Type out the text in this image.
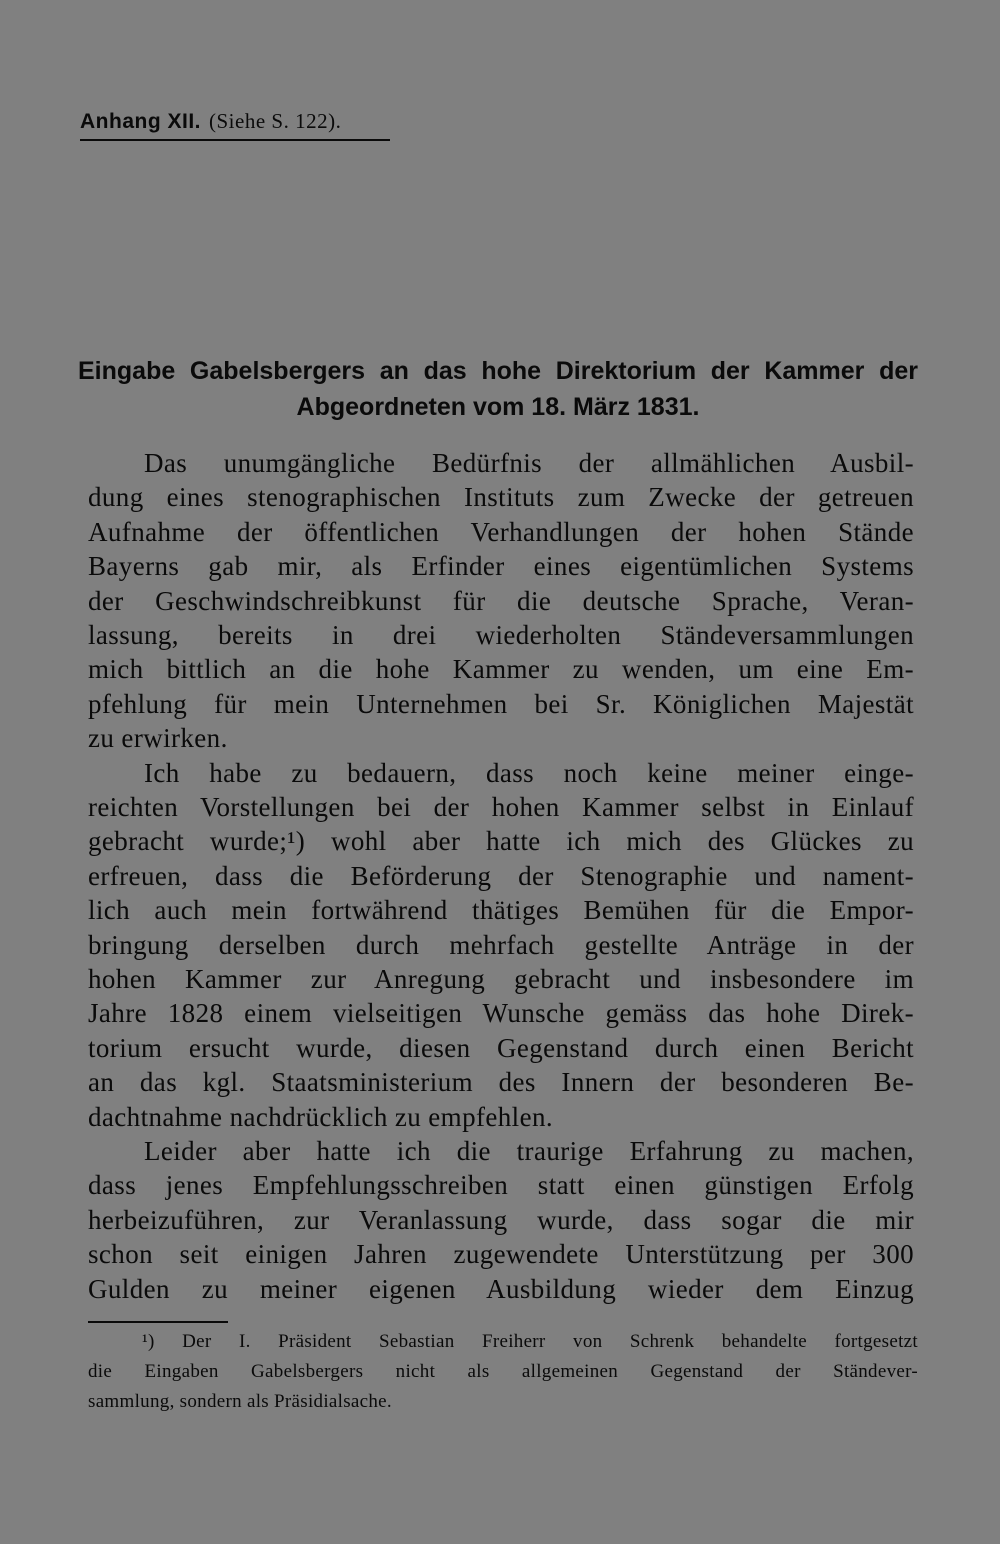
Anhang XII. (Siehe S. 122).
Eingabe Gabelsbergers an das hohe Direktorium der Kammer der
Abgeordneten vom 18. März 1831.
Das unumgängliche Bedürfnis der allmählichen Ausbil-
dung eines stenographischen Instituts zum Zwecke der getreuen
Aufnahme der öffentlichen Verhandlungen der hohen Stände
Bayerns gab mir, als Erfinder eines eigentümlichen Systems
der Geschwindschreibkunst für die deutsche Sprache, Veran-
lassung, bereits in drei wiederholten Ständeversammlungen
mich bittlich an die hohe Kammer zu wenden, um eine Em-
pfehlung für mein Unternehmen bei Sr. Königlichen Majestät
zu erwirken.
Ich habe zu bedauern, dass noch keine meiner einge-
reichten Vorstellungen bei der hohen Kammer selbst in Einlauf
gebracht wurde;¹) wohl aber hatte ich mich des Glückes zu
erfreuen, dass die Beförderung der Stenographie und nament-
lich auch mein fortwährend thätiges Bemühen für die Empor-
bringung derselben durch mehrfach gestellte Anträge in der
hohen Kammer zur Anregung gebracht und insbesondere im
Jahre 1828 einem vielseitigen Wunsche gemäss das hohe Direk-
torium ersucht wurde, diesen Gegenstand durch einen Bericht
an das kgl. Staatsministerium des Innern der besonderen Be-
dachtnahme nachdrücklich zu empfehlen.
Leider aber hatte ich die traurige Erfahrung zu machen,
dass jenes Empfehlungsschreiben statt einen günstigen Erfolg
herbeizuführen, zur Veranlassung wurde, dass sogar die mir
schon seit einigen Jahren zugewendete Unterstützung per 300
Gulden zu meiner eigenen Ausbildung wieder dem Einzug
¹) Der I. Präsident Sebastian Freiherr von Schrenk behandelte fortgesetzt
die Eingaben Gabelsbergers nicht als allgemeinen Gegenstand der Ständever-
sammlung, sondern als Präsidialsache.
